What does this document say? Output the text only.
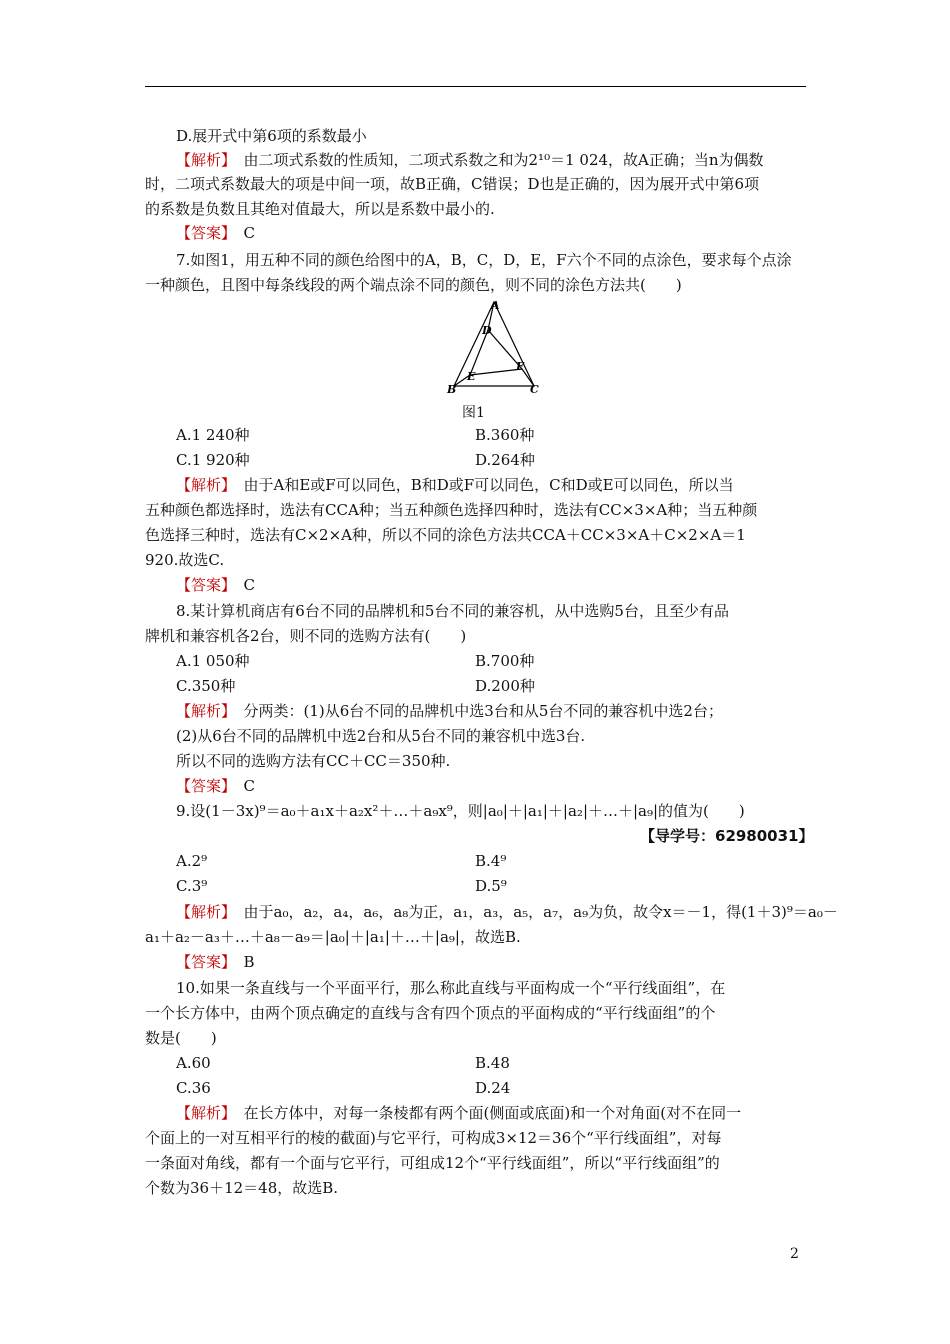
D.展开式中第6项的系数最小
【解析】　由二项式系数的性质知，二项式系数之和为2¹⁰＝1 024，故A正确；当n为偶数
时，二项式系数最大的项是中间一项，故B正确，C错误；D也是正确的，因为展开式中第6项
的系数是负数且其绝对值最大，所以是系数中最小的.
【答案】　C
7.如图1，用五种不同的颜色给图中的A，B，C，D，E，F六个不同的点涂色，要求每个点涂
一种颜色，且图中每条线段的两个端点涂不同的颜色，则不同的涂色方法共(　　)
A
B	C
D
E
F
图1
A.1 240种	B.360种
C.1 920种	D.264种
【解析】　由于A和E或F可以同色，B和D或F可以同色，C和D或E可以同色，所以当
五种颜色都选择时，选法有CCA种；当五种颜色选择四种时，选法有CC×3×A种；当五种颜
色选择三种时，选法有C×2×A种，所以不同的涂色方法共CCA＋CC×3×A＋C×2×A＝1
920.故选C.
【答案】　C
8.某计算机商店有6台不同的品牌机和5台不同的兼容机，从中选购5台，且至少有品
牌机和兼容机各2台，则不同的选购方法有(　　)
A.1 050种	B.700种
C.350种	D.200种
【解析】　分两类：(1)从6台不同的品牌机中选3台和从5台不同的兼容机中选2台；
(2)从6台不同的品牌机中选2台和从5台不同的兼容机中选3台.
所以不同的选购方法有CC＋CC＝350种.
【答案】　C
9.设(1－3x)⁹＝a₀＋a₁x＋a₂x²＋…＋a₉x⁹，则|a₀|＋|a₁|＋|a₂|＋…＋|a₉|的值为(　　)
【导学号：62980031】
A.2⁹	B.4⁹
C.3⁹	D.5⁹
【解析】　由于a₀，a₂，a₄，a₆，a₈为正，a₁，a₃，a₅，a₇，a₉为负，故令x＝－1，得(1＋3)⁹＝a₀－
a₁＋a₂－a₃＋…＋a₈－a₉＝|a₀|＋|a₁|＋…＋|a₉|，故选B.
【答案】　B
10.如果一条直线与一个平面平行，那么称此直线与平面构成一个“平行线面组”，在
一个长方体中，由两个顶点确定的直线与含有四个顶点的平面构成的“平行线面组”的个
数是(　　)
A.60	B.48
C.36	D.24
【解析】　在长方体中，对每一条棱都有两个面(侧面或底面)和一个对角面(对不在同一
个面上的一对互相平行的棱的截面)与它平行，可构成3×12＝36个“平行线面组”，对每
一条面对角线，都有一个面与它平行，可组成12个“平行线面组”，所以“平行线面组”的
个数为36＋12＝48，故选B.
2
